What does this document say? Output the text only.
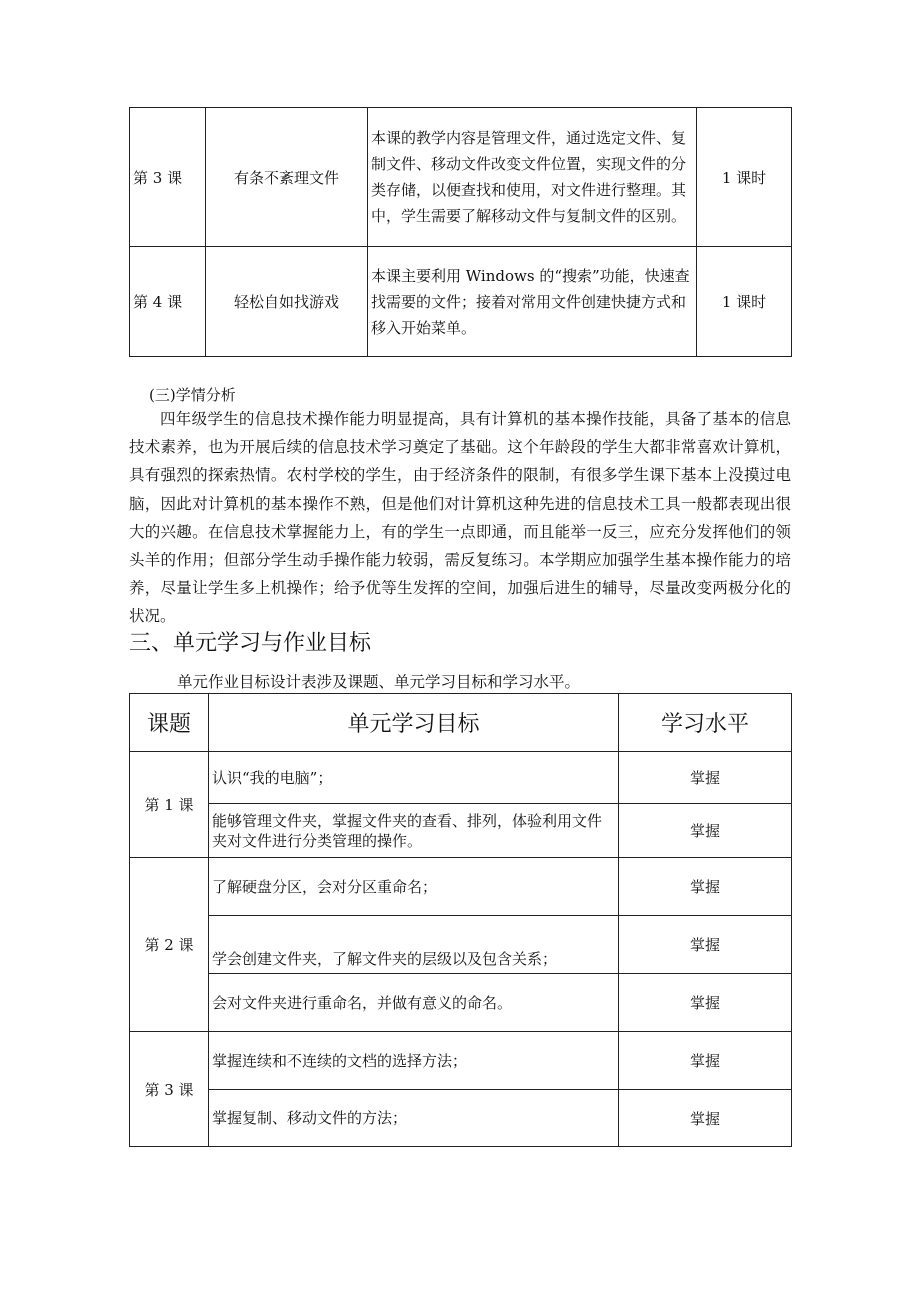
第 3 课	有条不紊理文件	本课的教学内容是管理文件，通过选定文件、复制文件、移动文件改变文件位置，实现文件的分类存储，以便查找和使用，对文件进行整理。其中，学生需要了解移动文件与复制文件的区别。	1 课时
第 4 课	轻松自如找游戏	本课主要利用 Windows 的“搜索”功能，快速查找需要的文件；接着对常用文件创建快捷方式和移入开始菜单。	1 课时
(三)学情分析

四年级学生的信息技术操作能力明显提高，具有计算机的基本操作技能，具备了基本的信息技术素养，也为开展后续的信息技术学习奠定了基础。这个年龄段的学生大都非常喜欢计算机，具有强烈的探索热情。农村学校的学生，由于经济条件的限制，有很多学生课下基本上没摸过电脑，因此对计算机的基本操作不熟，但是他们对计算机这种先进的信息技术工具一般都表现出很大的兴趣。在信息技术掌握能力上，有的学生一点即通，而且能举一反三，应充分发挥他们的领头羊的作用；但部分学生动手操作能力较弱，需反复练习。本学期应加强学生基本操作能力的培养，尽量让学生多上机操作；给予优等生发挥的空间，加强后进生的辅导，尽量改变两极分化的状况。

三、单元学习与作业目标
单元作业目标设计表涉及课题、单元学习目标和学习水平。
课题	单元学习目标	学习水平
第 1 课	认识“我的电脑”；	掌握
	能够管理文件夹，掌握文件夹的查看、排列，体验利用文件夹对文件进行分类管理的操作。	掌握
第 2 课	了解硬盘分区，会对分区重命名；	掌握
	学会创建文件夹，了解文件夹的层级以及包含关系；	掌握
	会对文件夹进行重命名，并做有意义的命名。	掌握
第 3 课	掌握连续和不连续的文档的选择方法；	掌握
	掌握复制、移动文件的方法；	掌握
